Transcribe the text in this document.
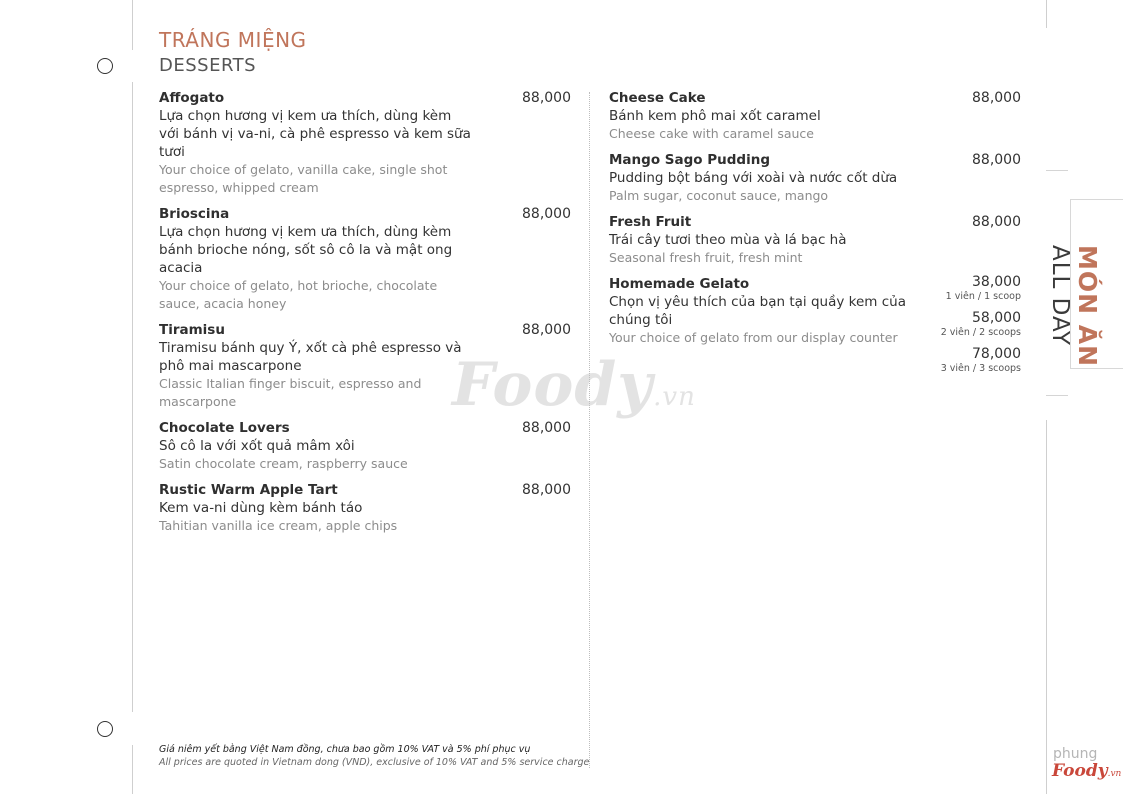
TRÁNG MIỆNG
DESSERTS
Foody.vn
Affogato
Lựa chọn hương vị kem ưa thích, dùng kèm với bánh vị va-ni, cà phê espresso và kem sữa tươi
Your choice of gelato, vanilla cake, single shot espresso, whipped cream
88,000
Brioscina
Lựa chọn hương vị kem ưa thích, dùng kèm bánh brioche nóng, sốt sô cô la và mật ong acacia
Your choice of gelato, hot brioche, chocolate sauce, acacia honey
88,000
Tiramisu
Tiramisu bánh quy Ý, xốt cà phê espresso và phô mai mascarpone
Classic Italian finger biscuit, espresso and mascarpone
88,000
Chocolate Lovers
Sô cô la với xốt quả mâm xôi
Satin chocolate cream, raspberry sauce
88,000
Rustic Warm Apple Tart
Kem va-ni dùng kèm bánh táo
Tahitian vanilla ice cream, apple chips
88,000
Cheese Cake
Bánh kem phô mai xốt caramel
Cheese cake with caramel sauce
88,000
Mango Sago Pudding
Pudding bột báng với xoài và nước cốt dừa
Palm sugar, coconut sauce, mango
88,000
Fresh Fruit
Trái cây tươi theo mùa và lá bạc hà
Seasonal fresh fruit, fresh mint
88,000
Homemade Gelato
Chọn vị yêu thích của bạn tại quầy kem của chúng tôi
Your choice of gelato from our display counter
38,000
1 viên / 1 scoop
58,000
2 viên / 2 scoops
78,000
3 viên / 3 scoops
Giá niêm yết bằng Việt Nam đồng, chưa bao gồm 10% VAT và 5% phí phục vụ
All prices are quoted in Vietnam dong (VND), exclusive of 10% VAT and 5% service charge
MÓN ĂN
ALL DAY
phung
Foody.vn
